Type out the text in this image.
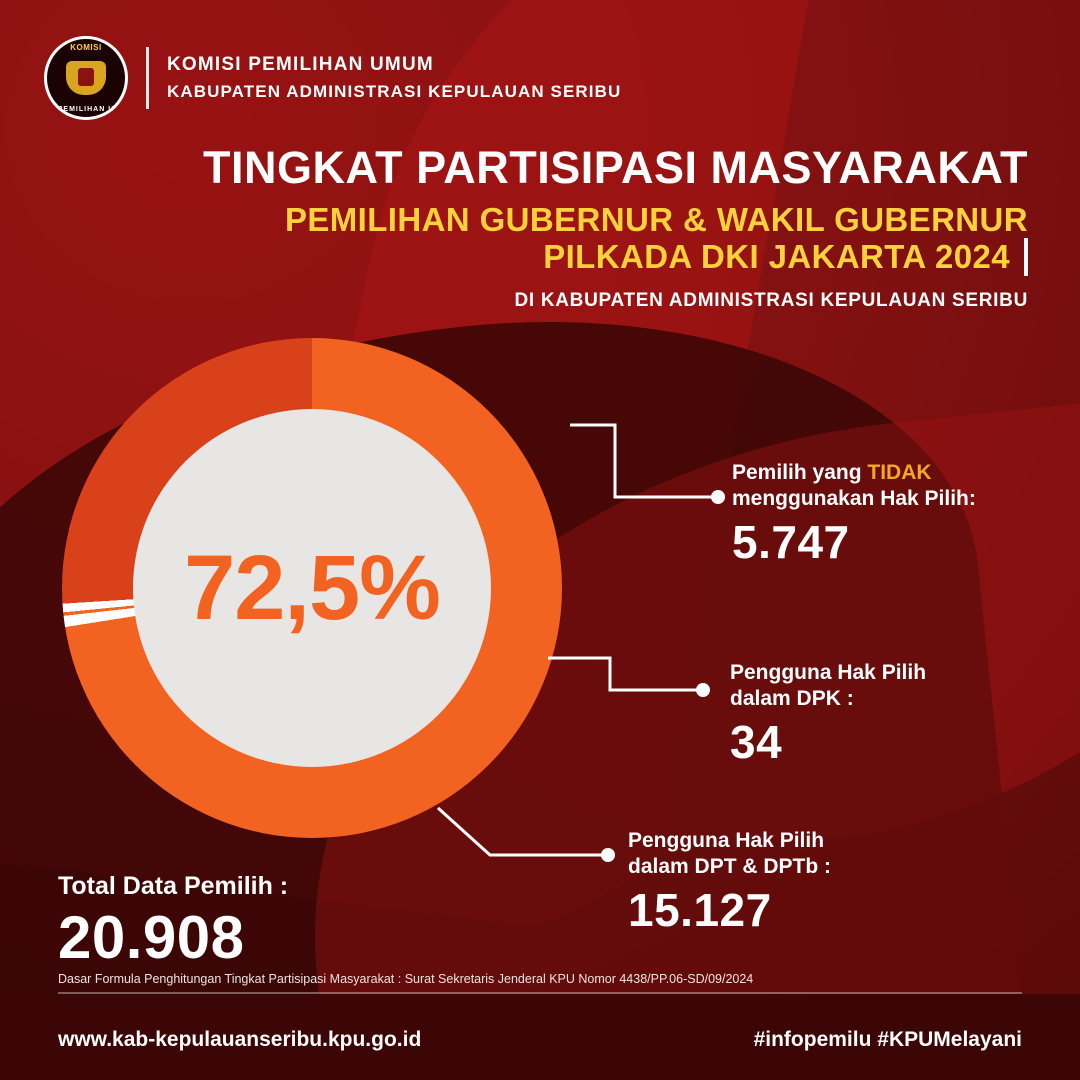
KOMISI
PEMILIHAN U
KOMISI PEMILIHAN UMUM
KABUPATEN ADMINISTRASI KEPULAUAN SERIBU
TINGKAT PARTISIPASI MASYARAKAT
PEMILIHAN GUBERNUR & WAKIL GUBERNUR
PILKADA DKI JAKARTA 2024
DI KABUPATEN ADMINISTRASI KEPULAUAN SERIBU
72,5%
Pemilih yang TIDAK
menggunakan Hak Pilih:
5.747
Pengguna Hak Pilih
dalam DPK :
34
Pengguna Hak Pilih
dalam DPT & DPTb :
15.127
Total Data Pemilih :
20.908
Dasar Formula Penghitungan Tingkat Partisipasi Masyarakat : Surat Sekretaris Jenderal KPU Nomor 4438/PP.06-SD/09/2024
www.kab-kepulauanseribu.kpu.go.id	#infopemilu #KPUMelayani
